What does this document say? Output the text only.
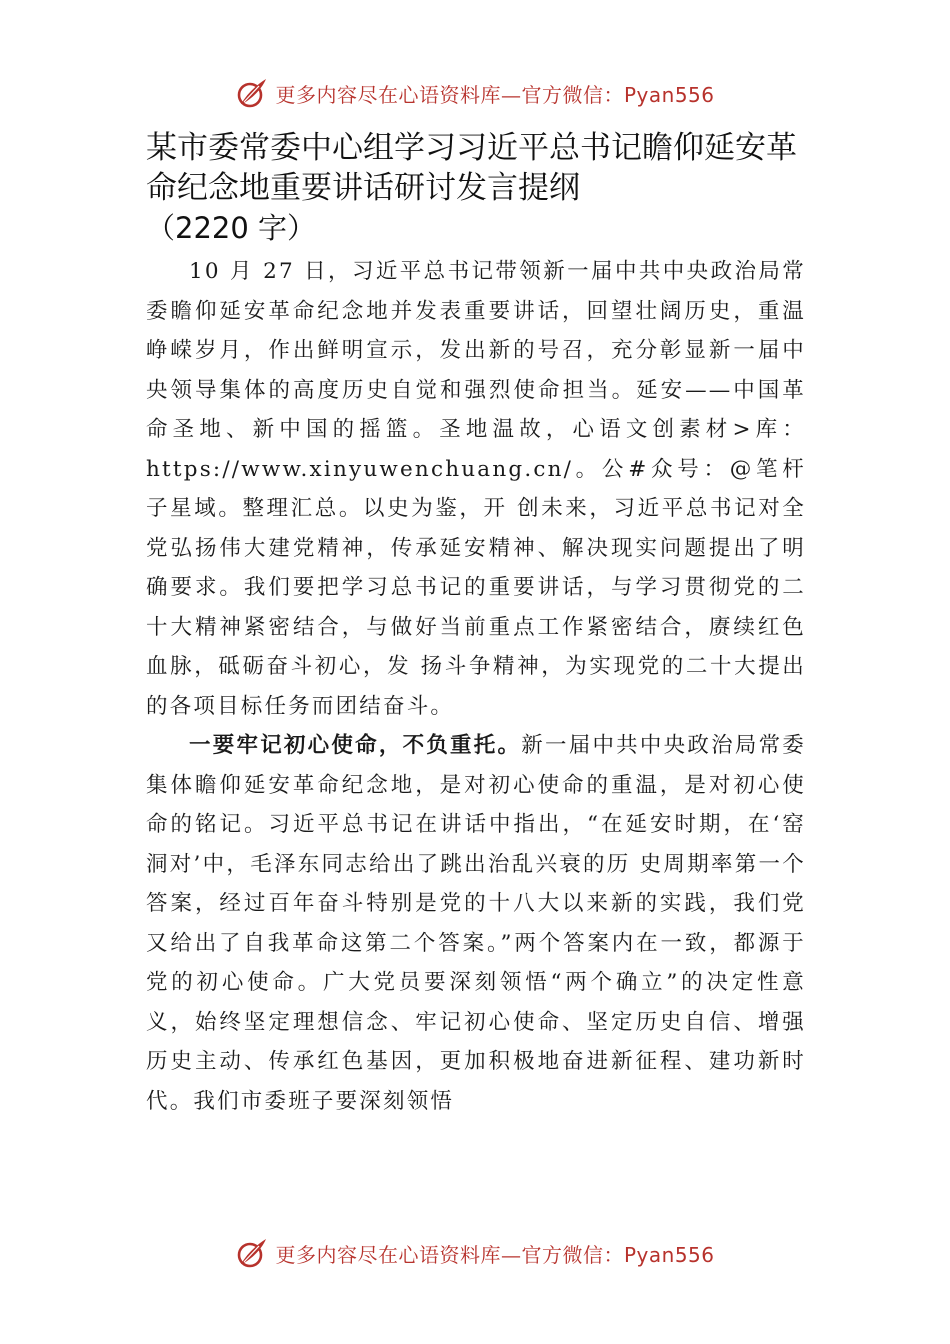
更多内容尽在心语资料库—官方微信：Pyan556
某市委常委中心组学习习近平总书记瞻仰延安革命纪念地重要讲话研讨发言提纲
（2220 字）

10 月 27 日，习近平总书记带领新一届中共中央政治局常委瞻仰延安革命纪念地并发表重要讲话，回望壮阔历史，重温峥嵘岁月，作出鲜明宣示，发出新的号召，充分彰显新一届中央领导集体的高度历史自觉和强烈使命担当。延安——中国革命圣地、新中国的摇篮。圣地温故，心语文创素材>库：https://www.xinyuwenchuang.cn/。公#众号：@笔杆子星域。整理汇总。以史为鉴，开 创未来，习近平总书记对全党弘扬伟大建党精神，传承延安精神、解决现实问题提出了明确要求。我们要把学习总书记的重要讲话，与学习贯彻党的二十大精神紧密结合，与做好当前重点工作紧密结合，赓续红色血脉，砥砺奋斗初心，发 扬斗争精神，为实现党的二十大提出的各项目标任务而团结奋斗。

一要牢记初心使命，不负重托。新一届中共中央政治局常委集体瞻仰延安革命纪念地，是对初心使命的重温，是对初心使命的铭记。习近平总书记在讲话中指出，“在延安时期，在‘窑洞对’中，毛泽东同志给出了跳出治乱兴衰的历 史周期率第一个答案，经过百年奋斗特别是党的十八大以来新的实践，我们党又给出了自我革命这第二个答案。”两个答案内在一致，都源于党的初心使命。广大党员要深刻领悟“两个确立”的决定性意义，始终坚定理想信念、牢记初心使命、坚定历史自信、增强历史主动、传承红色基因，更加积极地奋进新征程、建功新时代。我们市委班子要深刻领悟

更多内容尽在心语资料库—官方微信：Pyan556
